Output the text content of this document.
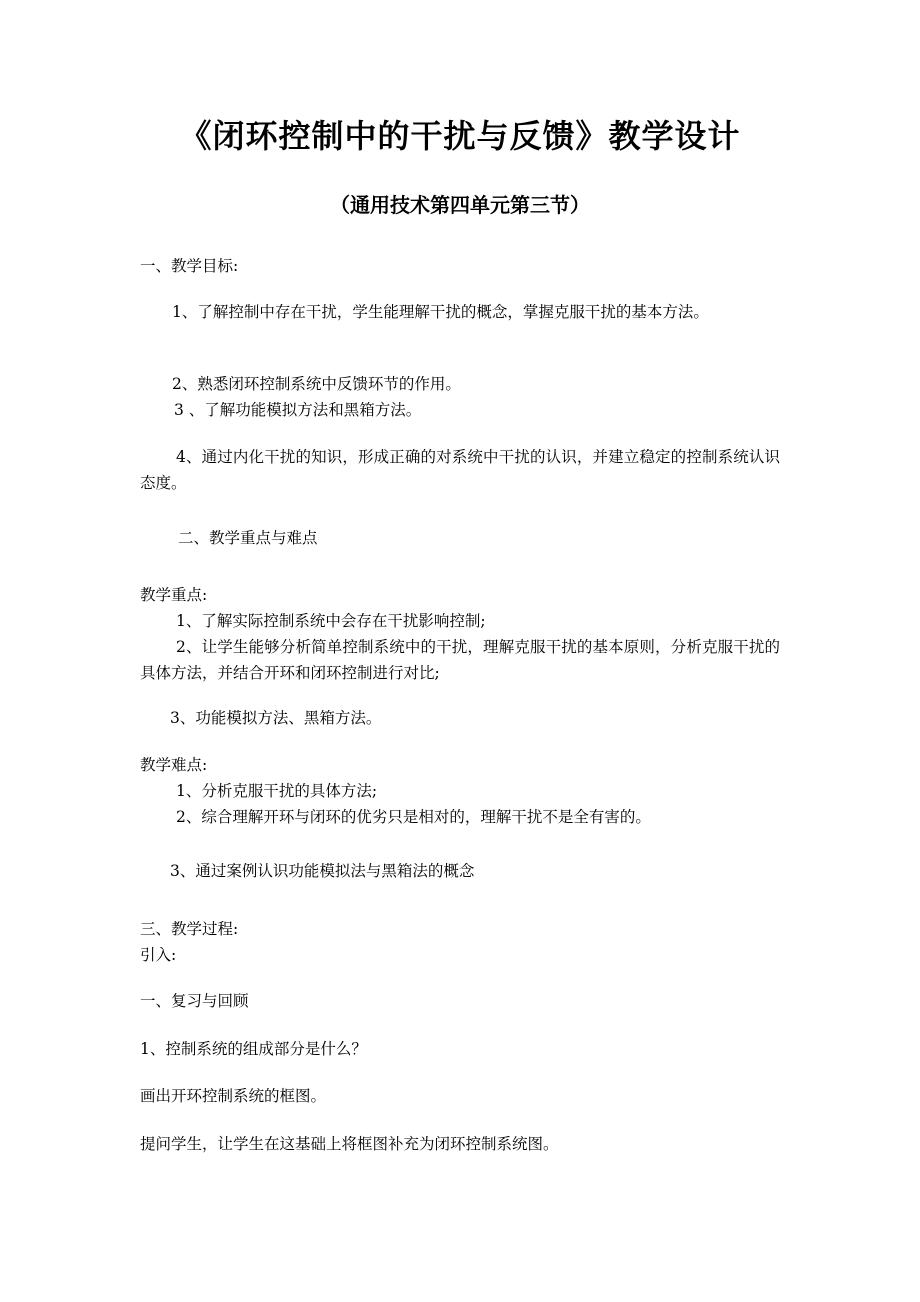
《闭环控制中的干扰与反馈》教学设计
（通用技术第四单元第三节）
一、教学目标:
1、了解控制中存在干扰，学生能理解干扰的概念，掌握克服干扰的基本方法。
2、熟悉闭环控制系统中反馈环节的作用。
3 、了解功能模拟方法和黑箱方法。
4、通过内化干扰的知识，形成正确的对系统中干扰的认识，并建立稳定的控制系统认识态度。
二、教学重点与难点
教学重点:
1、了解实际控制系统中会存在干扰影响控制;
2、让学生能够分析简单控制系统中的干扰，理解克服干扰的基本原则，分析克服干扰的具体方法，并结合开环和闭环控制进行对比;
3、功能模拟方法、黑箱方法。
教学难点:
1、分析克服干扰的具体方法;
2、综合理解开环与闭环的优劣只是相对的，理解干扰不是全有害的。
3、通过案例认识功能模拟法与黑箱法的概念
三、教学过程:
引入:
一、复习与回顾
1、控制系统的组成部分是什么？
画出开环控制系统的框图。
提问学生，让学生在这基础上将框图补充为闭环控制系统图。
